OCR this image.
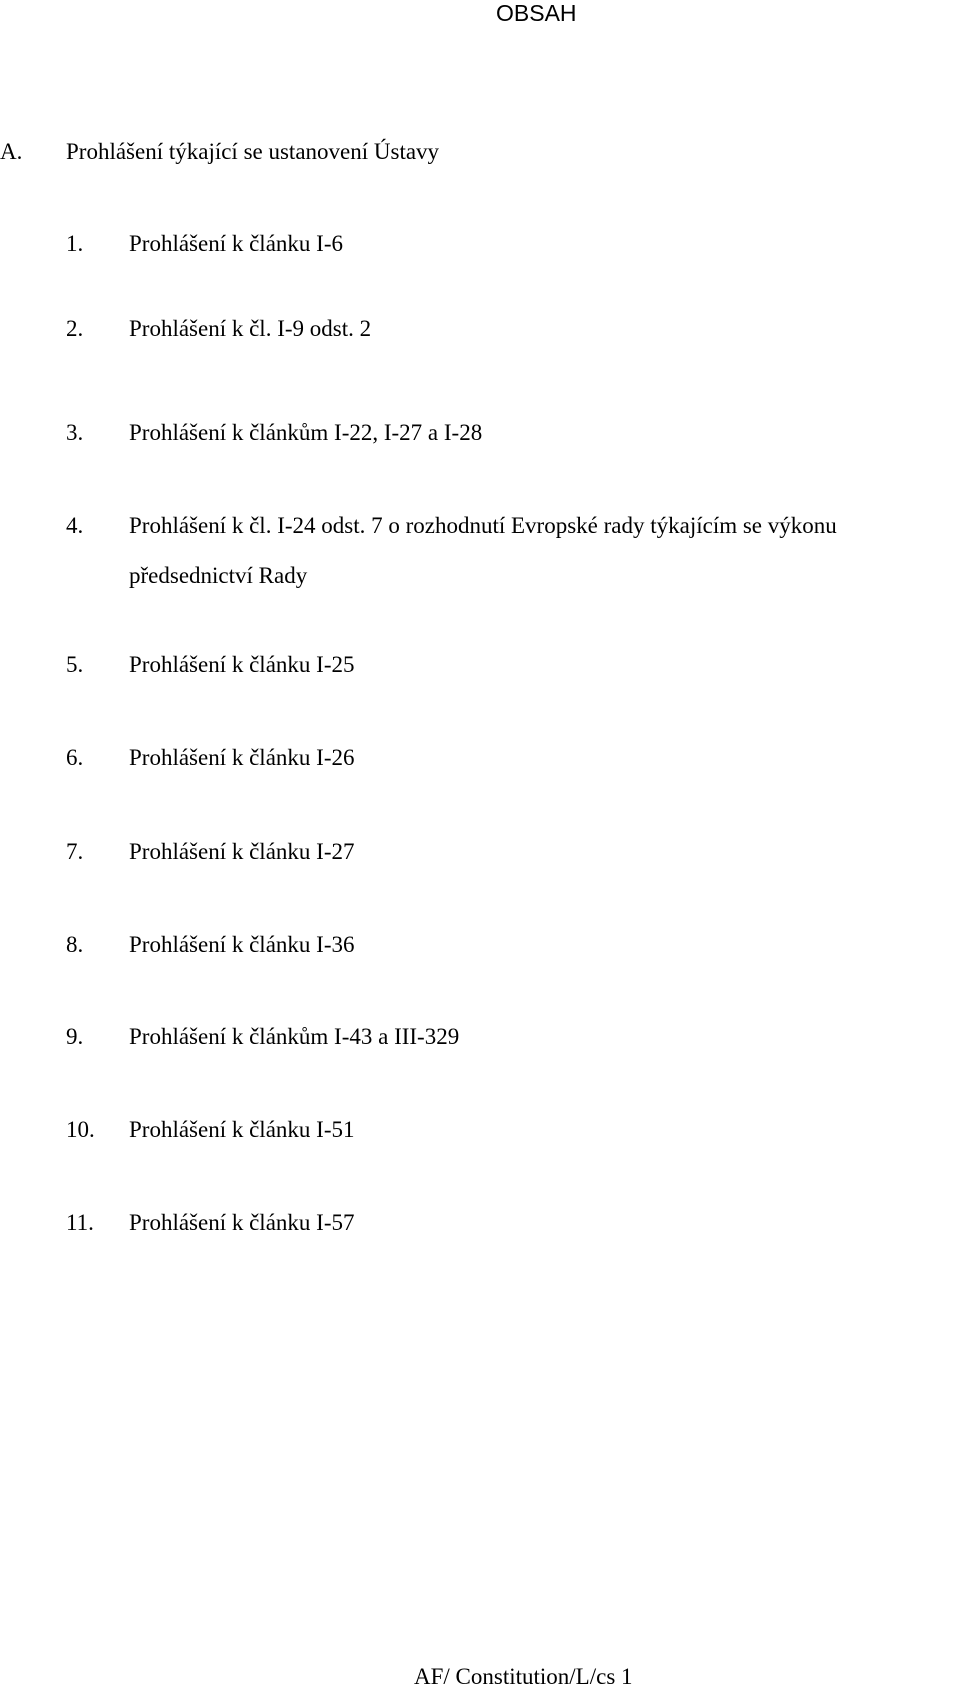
OBSAH
A. Prohlášení týkající se ustanovení Ústavy
1. Prohlášení k článku I-6
2. Prohlášení k čl. I-9 odst. 2
3. Prohlášení k článkům I-22, I-27 a I-28
4. Prohlášení k čl. I-24 odst. 7 o rozhodnutí Evropské rady týkajícím se výkonu
předsednictví Rady
5. Prohlášení k článku I-25
6. Prohlášení k článku I-26
7. Prohlášení k článku I-27
8. Prohlášení k článku I-36
9. Prohlášení k článkům I-43 a III-329
10. Prohlášení k článku I-51
11. Prohlášení k článku I-57
AF/ Constitution/L/cs 1
